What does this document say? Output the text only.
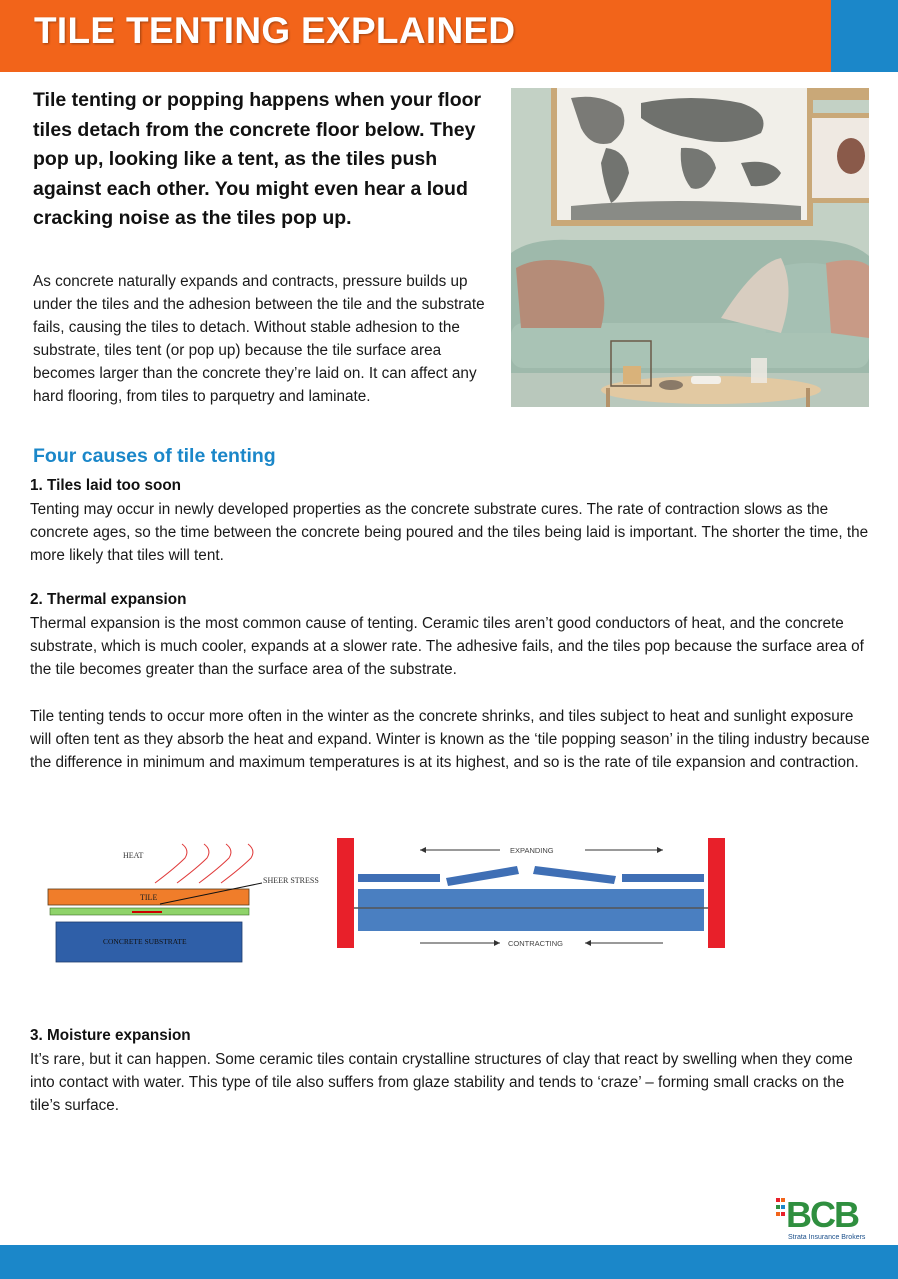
TILE TENTING EXPLAINED
Tile tenting or popping happens when your floor tiles detach from the concrete floor below. They pop up, looking like a tent, as the tiles push against each other. You might even hear a loud cracking noise as the tiles pop up.
As concrete naturally expands and contracts, pressure builds up under the tiles and the adhesion between the tile and the substrate fails, causing the tiles to detach. Without stable adhesion to the substrate, tiles tent (or pop up) because the tile surface area becomes larger than the concrete they’re laid on. It can affect any hard flooring, from tiles to parquetry and laminate.
Four causes of tile tenting
1. Tiles laid too soon
Tenting may occur in newly developed properties as the concrete substrate cures. The rate of contraction slows as the concrete ages, so the time between the concrete being poured and the tiles being laid is important. The shorter the time, the more likely that tiles will tent.
2. Thermal expansion
Thermal expansion is the most common cause of tenting. Ceramic tiles aren’t good conductors of heat, and the concrete substrate, which is much cooler, expands at a slower rate. The adhesive fails, and the tiles pop because the surface area of the tile becomes greater than the surface area of the substrate.
Tile tenting tends to occur more often in the winter as the concrete shrinks, and tiles subject to heat and sunlight exposure will often tent as they absorb the heat and expand. Winter is known as the ‘tile popping season’ in the tiling industry because the difference in minimum and maximum temperatures is at its highest, and so is the rate of tile expansion and contraction.
HEAT
TILE
SHEER STRESS
CONCRETE SUBSTRATE
EXPANDING
CONTRACTING
3. Moisture expansion
It’s rare, but it can happen. Some ceramic tiles contain crystalline structures of clay that react by swelling when they come into contact with water. This type of tile also suffers from glaze stability and tends to ‘craze’ – forming small cracks on the tile’s surface.
BCB
Strata Insurance Brokers
